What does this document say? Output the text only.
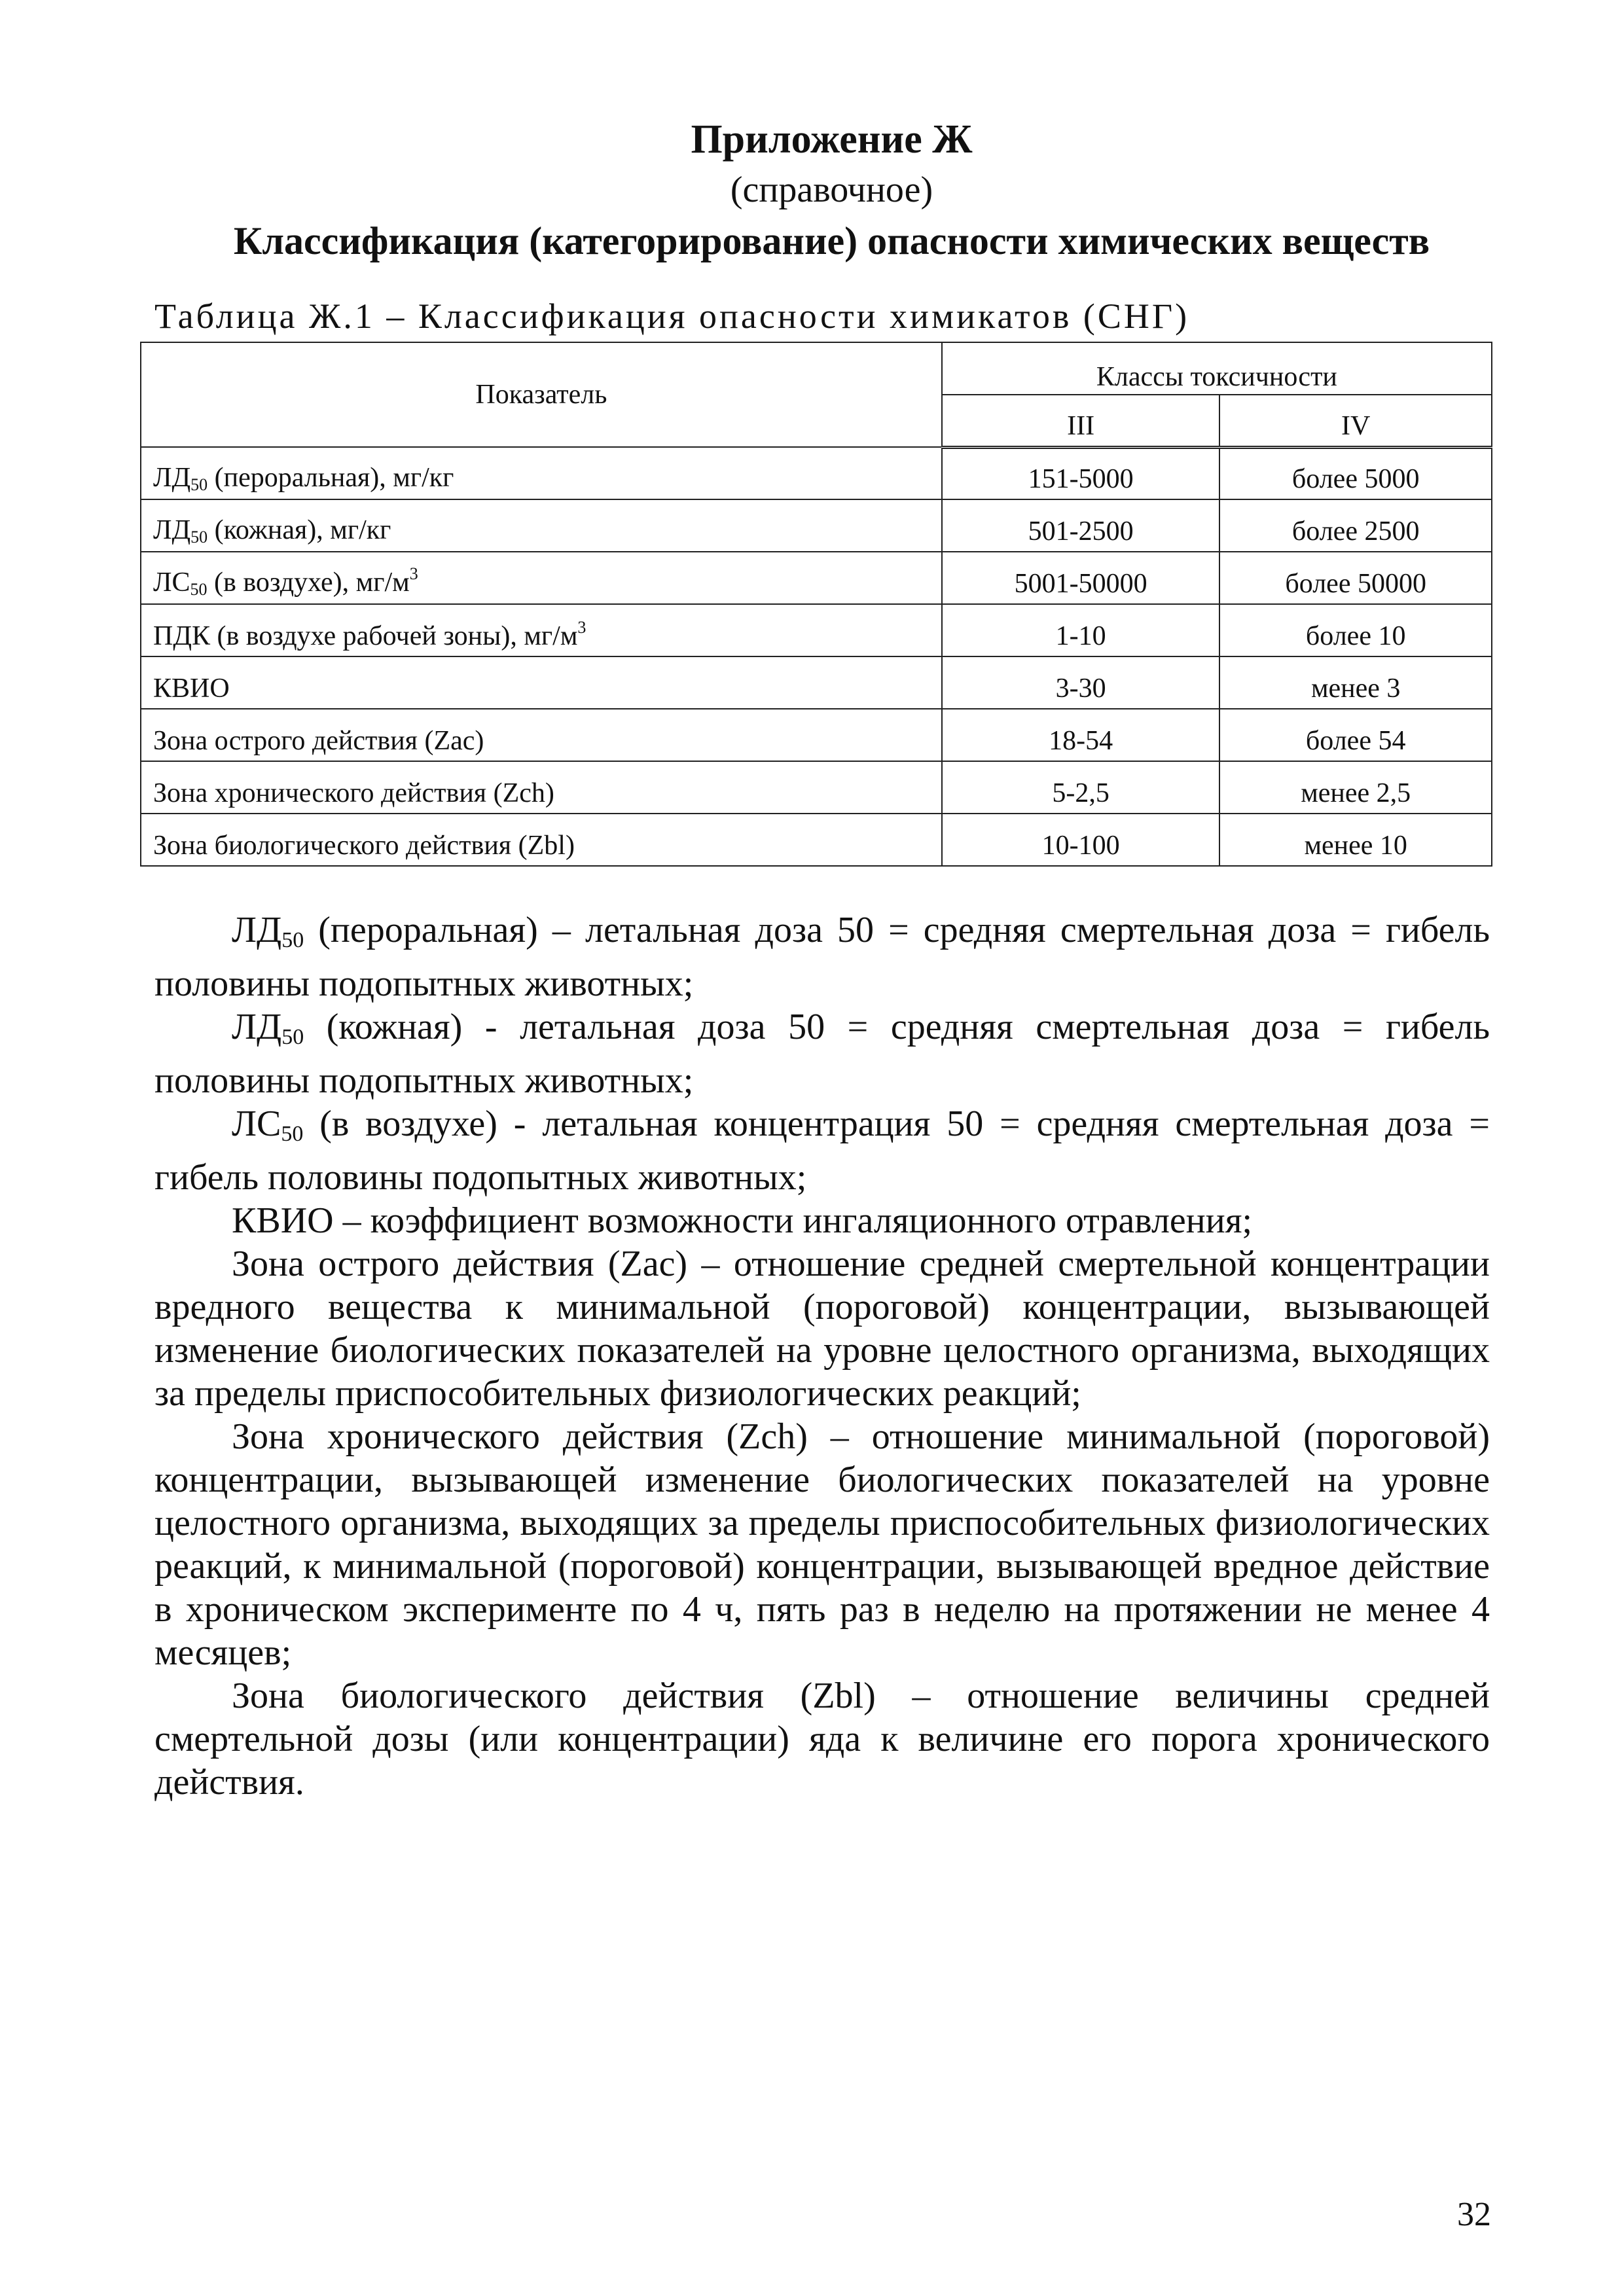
Приложение Ж
(справочное)
Классификация (категорирование) опасности химических веществ
Таблица Ж.1 – Классификация опасности химикатов (СНГ)
Показатель	Классы токсичности	
	III	IV
$ЛД_{50}$ (пероральная), мг/кг	151-5000	более 5000
$ЛД_{50}$ (кожная), мг/кг	501-2500	более 2500
$ЛС_{50}$ (в воздухе), $мг/м^3$	5001-50000	более 50000
ПДК (в воздухе рабочей зоны), $мг/м^3$	1-10	более 10
КВИО	3-30	менее 3
Зона острого действия (Zac)	18-54	более 54
Зона хронического действия (Zch)	5-2,5	менее 2,5
Зона биологического действия (Zbl)	10-100	менее 10

ЛД50 (пероральная) – летальная доза 50 = средняя смертельная доза = гибель половины подопытных животных;

ЛД50 (кожная) - летальная доза 50 = средняя смертельная доза = гибель половины подопытных животных;

ЛС50 (в воздухе) - летальная концентрация 50 = средняя смертельная доза = гибель половины подопытных животных;

КВИО – коэффициент возможности ингаляционного отравления;

Зона острого действия (Zac) – отношение средней смертельной концентрации вредного вещества к минимальной (пороговой) концентрации, вызывающей изменение биологических показателей на уровне целостного организма, выходящих за пределы приспособительных физиологических реакций;

Зона хронического действия (Zch) – отношение минимальной (пороговой) концентрации, вызывающей изменение биологических показателей на уровне целостного организма, выходящих за пределы приспособительных физиологических реакций, к минимальной (пороговой) концентрации, вызывающей вредное действие в хроническом эксперименте по 4 ч, пять раз в неделю на протяжении не менее 4 месяцев;

Зона биологического действия (Zbl) – отношение величины средней смертельной дозы (или концентрации) яда к величине его порога хронического действия.

32
